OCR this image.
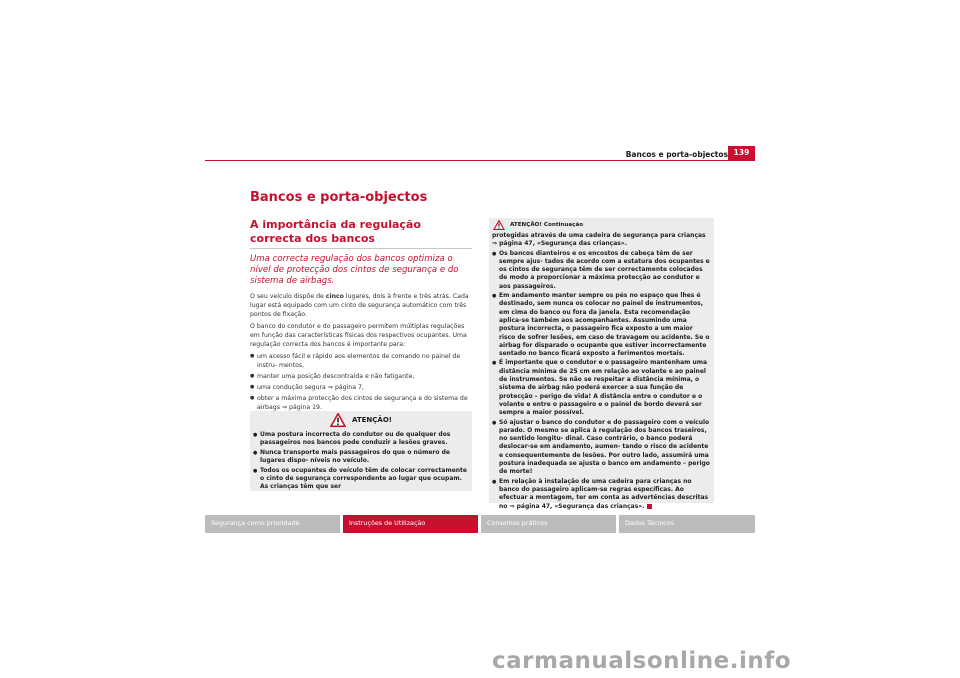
Bancos e porta-objectos 139
Bancos e porta-objectos
A importância da regulação correcta dos bancos
Uma correcta regulação dos bancos optimiza o nível de protecção dos cintos de segurança e do sistema de airbags.

O seu veículo dispõe de cinco lugares, dois à frente e três atrás. Cada lugar está equipado com um cinto de segurança automático com três pontos de fixação.

O banco do condutor e do passageiro permitem múltiplas regulações em função das características físicas dos respectivos ocupantes. Uma regulação correcta dos bancos é importante para:

● um acesso fácil e rápido aos elementos de comando no painel de instru- mentos,
● manter uma posição descontraída e não fatigante,
● uma condução segura ⇒ página 7,
● obter a máxima protecção dos cintos de segurança e do sistema de airbags ⇒ página 19.
ATENÇÃO!
● Uma postura incorrecta do condutor ou de qualquer dos passageiros nos bancos pode conduzir a lesões graves.
● Nunca transporte mais passageiros do que o número de lugares dispo- níveis no veículo.
● Todos os ocupantes do veículo têm de colocar correctamente o cinto de segurança correspondente ao lugar que ocupam. As crianças têm que ser
ATENÇÃO! Continuação

protegidas através de uma cadeira de segurança para crianças ⇒ página 47, «Segurança das crianças».

● Os bancos dianteiros e os encostos de cabeça têm de ser sempre ajus- tados de acordo com a estatura dos ocupantes e os cintos de segurança têm de ser correctamente colocados de modo a proporcionar a máxima protecção ao condutor e aos passageiros.
● Em andamento manter sempre os pés no espaço que lhes é destinado, sem nunca os colocar no painel de instrumentos, em cima do banco ou fora da janela. Esta recomendação aplica-se também aos acompanhantes. Assumindo uma postura incorrecta, o passageiro fica exposto a um maior risco de sofrer lesões, em caso de travagem ou acidente. Se o airbag for disparado o ocupante que estiver incorrectamente sentado no banco ficará exposto a ferimentos mortais.
● É importante que o condutor e o passageiro mantenham uma distância mínima de 25 cm em relação ao volante e ao painel de instrumentos. Se não se respeitar a distância mínima, o sistema de airbag não poderá exercer a sua função de protecção – perigo de vida! A distância entre o condutor e o volante e entre o passageiro e o painel de bordo deverá ser sempre a maior possível.
● Só ajustar o banco do condutor e do passageiro com o veículo parado. O mesmo se aplica à regulação dos bancos traseiros, no sentido longitu- dinal. Caso contrário, o banco poderá deslocar-se em andamento, aumen- tando o risco de acidente e consequentemente de lesões. Por outro lado, assumirá uma postura inadequada se ajusta o banco em andamento – perigo de morte!
● Em relação à instalação de uma cadeira para crianças no banco do passageiro aplicam-se regras específicas. Ao efectuar a montagem, ter em conta as advertências descritas no ⇒ página 47, «Segurança das crianças».
Segurança como prioridade	Instruções de Utilização	Conselhos práticos	Dados Técnicos
carmanualsonline.info
